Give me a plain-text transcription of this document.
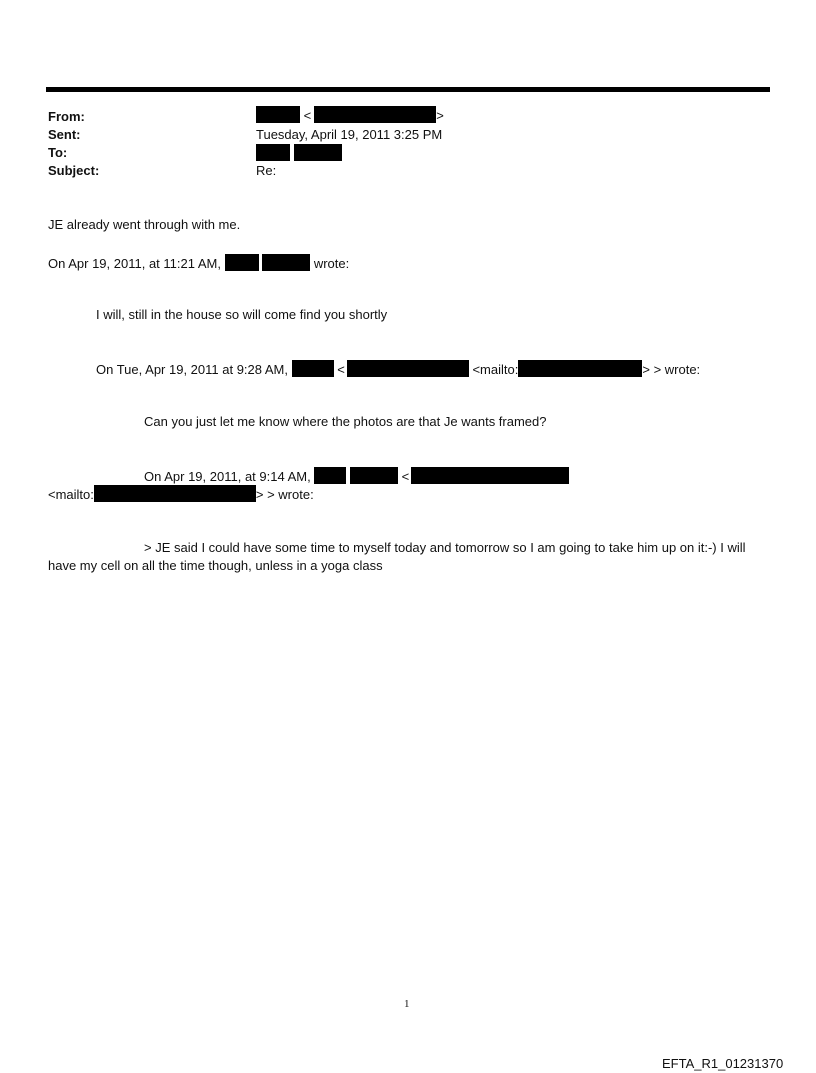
From:	<	>
Sent:	Tuesday, April 19, 2011 3:25 PM
To:

Subject:	Re:
JE already went through with me.
On Apr 19, 2011, at 11:21 AM,	wrote:
I will, still in the house so will come find you shortly
On Tue, Apr 19, 2011 at 9:28 AM,	<	<mailto:	> > wrote:
Can you just let me know where the photos are that Je wants framed?
On Apr 19, 2011, at 9:14 AM,	<
<mailto:	> > wrote:
> JE said I could have some time to myself today and tomorrow so I am going to take him up on it:-) I will have my cell on all the time though, unless in a yoga class
1
EFTA_R1_01231370
